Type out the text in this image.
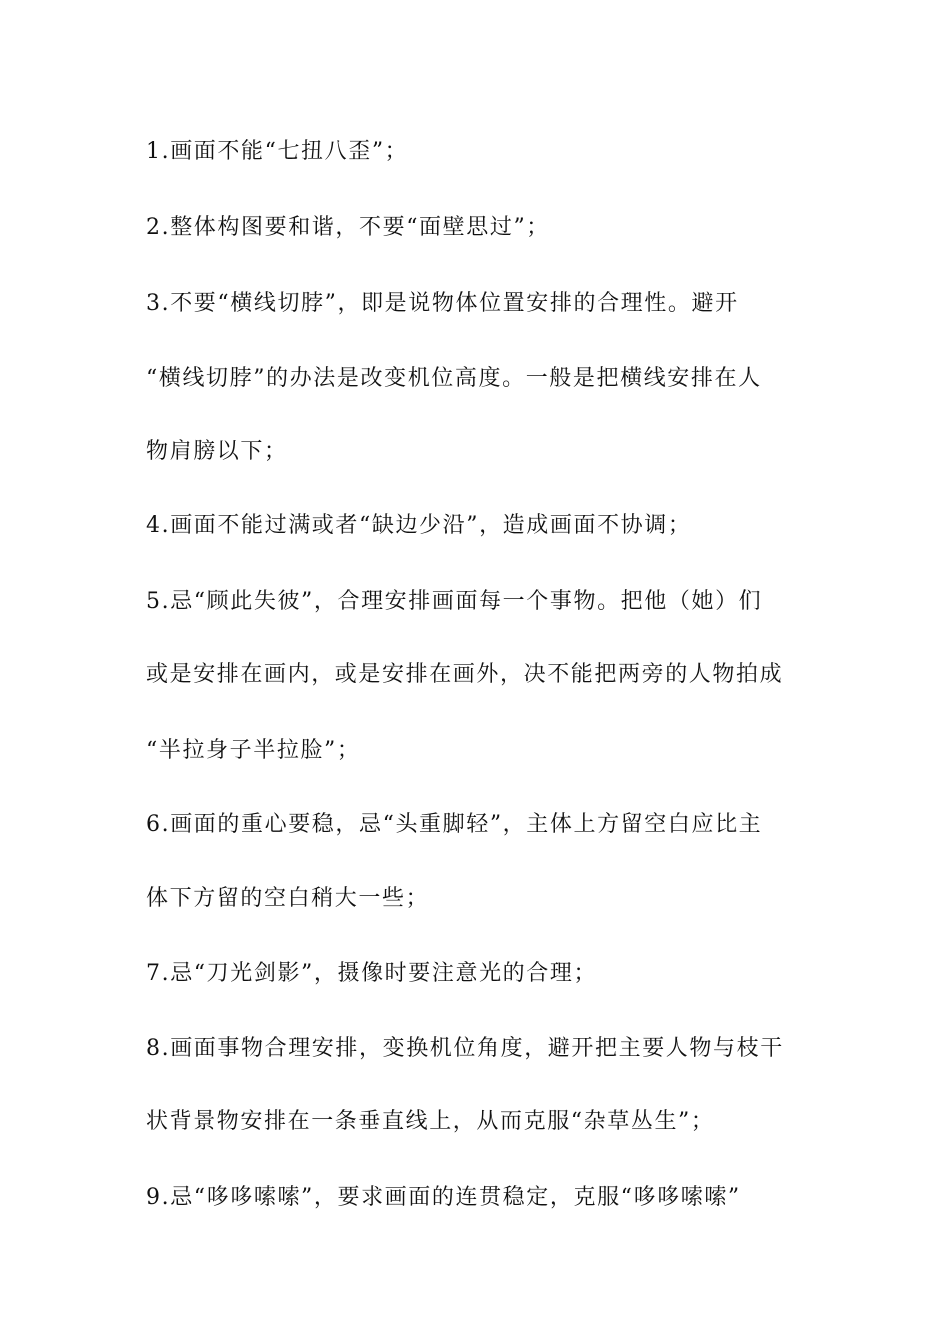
1.画面不能“七扭八歪”；

2.整体构图要和谐，不要“面壁思过”；

3.不要“横线切脖”，即是说物体位置安排的合理性。避开

“横线切脖”的办法是改变机位高度。一般是把横线安排在人

物肩膀以下；

4.画面不能过满或者“缺边少沿”，造成画面不协调；

5.忌“顾此失彼”，合理安排画面每一个事物。把他（她）们

或是安排在画内，或是安排在画外，决不能把两旁的人物拍成

“半拉身子半拉脸”；

6.画面的重心要稳，忌“头重脚轻”，主体上方留空白应比主

体下方留的空白稍大一些；

7.忌“刀光剑影”，摄像时要注意光的合理；

8.画面事物合理安排，变换机位角度，避开把主要人物与枝干

状背景物安排在一条垂直线上，从而克服“杂草丛生”；

9.忌“哆哆嗦嗦”，要求画面的连贯稳定，克服“哆哆嗦嗦”
